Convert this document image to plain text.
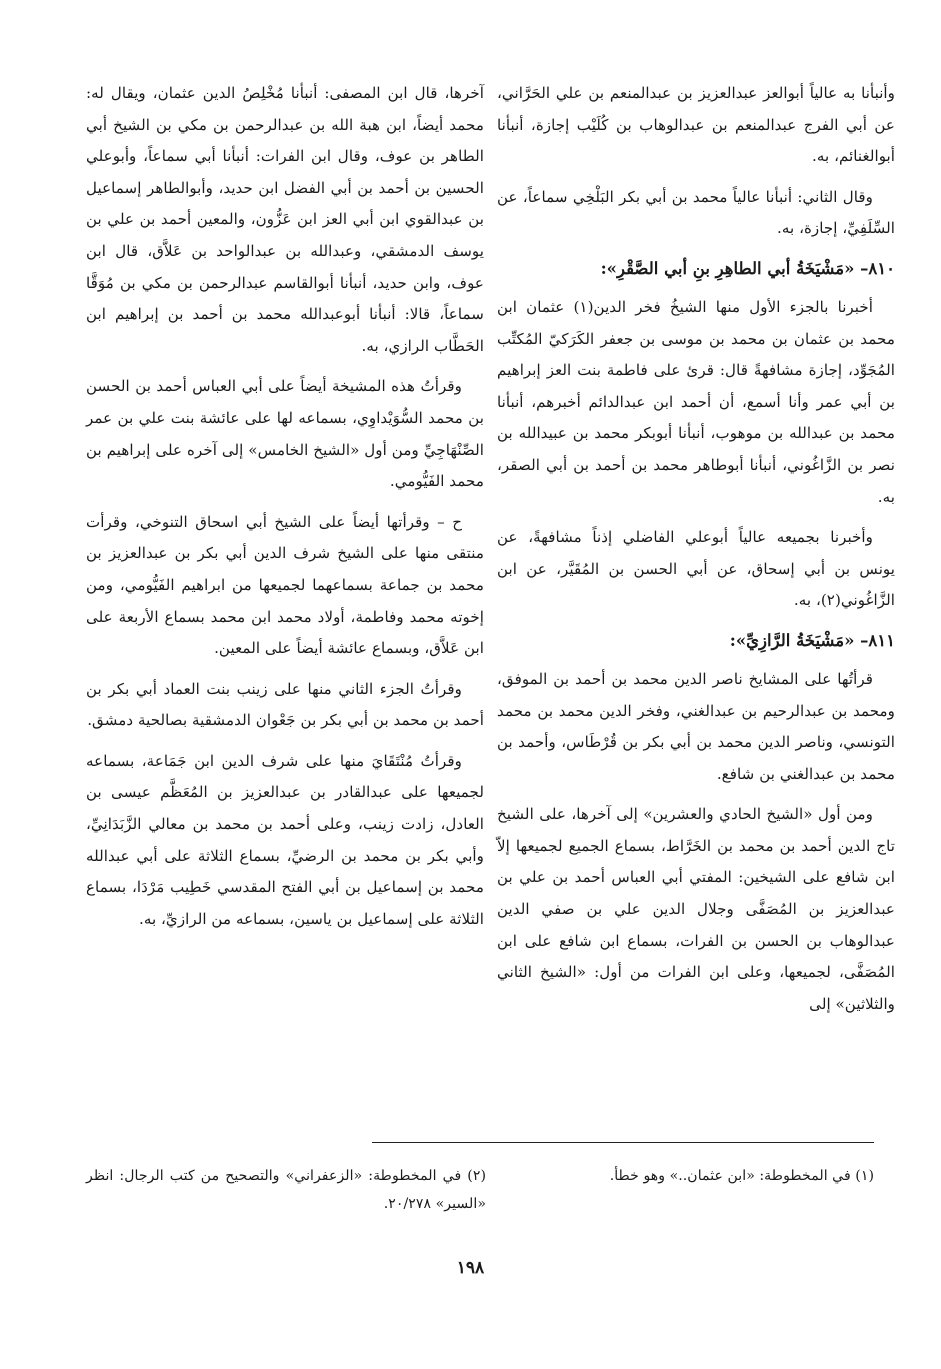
وأنبأنا به عالياً أبوالعز عبدالعزيز بن عبدالمنعم بن علي الحَرَّاني، عن أبي الفرج عبدالمنعم بن عبدالوهاب بن كُلَيْب إجازة، أنبأنا أبوالغنائم، به.

وقال الثاني: أنبأنا عالياً محمد بن أبي بكر البَلْخِي سماعاً، عن السِّلَفِيِّ، إجازة، به.

٨١٠– «مَشْيَخَةُ أبي الطاهِرِ بنِ أبي الصَّقْرِ»:

أخبرنا بالجزء الأول منها الشيخُ فخر الدين(١) عثمان ابن محمد بن عثمان بن محمد بن موسى بن جعفر الكَرَكيّ المُكتِّب المُجَوِّد، إجازة مشافهةً قال: قرئ على فاطمة بنت العز إبراهيم بن أبي عمر وأنا أسمع، أن أحمد ابن عبدالدائم أخبرهم، أنبأنا محمد بن عبدالله بن موهوب، أنبأنا أبوبكر محمد بن عبيدالله بن نصر بن الزَّاغُوني، أنبأنا أبوطاهر محمد بن أحمد بن أبي الصقر، به.

وأخبرنا بجميعه عالياً أبوعلي الفاضلي إذناً مشافهةً، عن يونس بن أبي إسحاق، عن أبي الحسن بن المُقَيَّر، عن ابن الزَّاغُوني(٢)، به.

٨١١– «مَشْيَخَةُ الرَّازِيِّ»:

قرأتُها على المشايخ ناصر الدين محمد بن أحمد بن الموفق، ومحمد بن عبدالرحيم بن عبدالغني، وفخر الدين محمد بن محمد التونسي، وناصر الدين محمد بن أبي بكر بن قُرْطَاس، وأحمد بن محمد بن عبدالغني بن شافع.

ومن أول «الشيخ الحادي والعشرين» إلى آخرها، على الشيخ تاج الدين أحمد بن محمد بن الخَرَّاط، بسماع الجميع لجميعها إلاّ ابن شافع على الشيخين: المفتي أبي العباس أحمد بن علي بن عبدالعزيز بن المُصَفَّى وجلال الدين علي بن صفي الدين عبدالوهاب بن الحسن بن الفرات، بسماع ابن شافع على ابن المُصَفَّى، لجميعها، وعلى ابن الفرات من أول: «الشيخ الثاني والثلاثين» إلى

آخرها، قال ابن المصفى: أنبأنا مُخْلِصُ الدين عثمان، ويقال له: محمد أيضاً، ابن هبة الله بن عبدالرحمن بن مكي بن الشيخ أبي الطاهر بن عوف، وقال ابن الفرات: أنبأنا أبي سماعاً، وأبوعلي الحسين بن أحمد بن أبي الفضل ابن حديد، وأبوالطاهر إسماعيل بن عبدالقوي ابن أبي العز ابن عَزُّون، والمعين أحمد بن علي بن يوسف الدمشقي، وعبدالله بن عبدالواحد بن عَلاَّق، قال ابن عوف، وابن حديد، أنبأنا أبوالقاسم عبدالرحمن بن مكي بن مُوَقَّا سماعاً، قالا: أنبأنا أبوعبدالله محمد بن أحمد بن إبراهيم ابن الحَطَّاب الرازي، به.

وقرأتُ هذه المشيخة أيضاً على أبي العباس أحمد بن الحسن بن محمد السُّوَيْداوِي، بسماعه لها على عائشة بنت علي بن عمر الصِّنْهَاجِيِّ ومن أول «الشيخ الخامس» إلى آخره على إبراهيم بن محمد الفَيُّومي.

ح – وقرأتها أيضاً على الشيخ أبي اسحاق التنوخي، وقرأت منتقى منها على الشيخ شرف الدين أبي بكر بن عبدالعزيز بن محمد بن جماعة بسماعهما لجميعها من ابراهيم الفَيُّومي، ومن إخوته محمد وفاطمة، أولاد محمد ابن محمد بسماع الأربعة على ابن عَلاَّق، وبسماع عائشة أيضاً على المعين.

وقرأتُ الجزء الثاني منها على زينب بنت العماد أبي بكر بن أحمد بن محمد بن أبي بكر بن جَعْوان الدمشقية بصالحية دمشق.

وقرأتُ مُنْتَقَايَ منها على شرف الدين ابن جَمَاعة، بسماعه لجميعها على عبدالقادر بن عبدالعزيز بن المُعَظَّم عيسى بن العادل، زادت زينب، وعلى أحمد بن محمد بن معالي الزَّبَدَانِيِّ، وأبي بكر بن محمد بن الرضيِّ، بسماع الثلاثة على أبي عبدالله محمد بن إسماعيل بن أبي الفتح المقدسي خَطِيب مَرْدَا، بسماع الثلاثة على إسماعيل بن ياسين، بسماعه من الرازيِّ، به.

(١) في المخطوطة: «ابن عثمان..» وهو خطأ.

(٢) في المخطوطة: «الزعفراني» والتصحيح من كتب الرجال: انظر «السير» ٢٠/٢٧٨.

١٩٨
